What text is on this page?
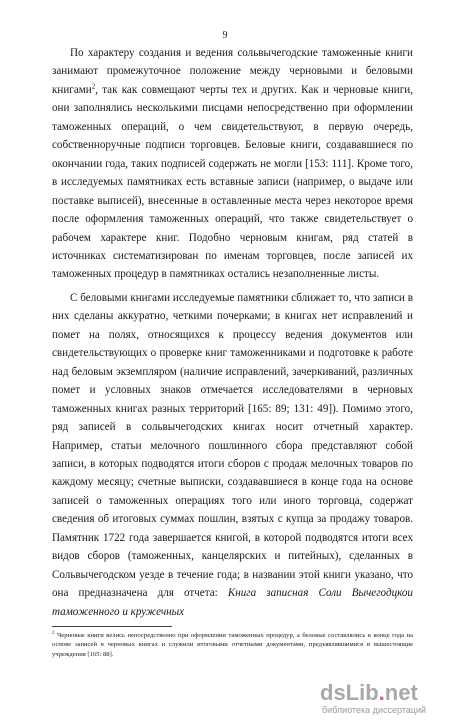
9

По характеру создания и ведения сольвычегодские таможенные книги занимают промежуточное положение между черновыми и беловыми книгами$^2$, так как совмещают черты тех и других. Как и черновые книги, они заполнялись несколькими писцами непосредственно при оформлении таможенных операций, о чем свидетельствуют, в первую очередь, собственноручные подписи торговцев. Беловые книги, создававшиеся по окончании года, таких подписей содержать не могли [153: 111]. Кроме того, в исследуемых памятниках есть вставные записи (например, о выдаче или поставке выписей), внесенные в оставленные места через некоторое время после оформления таможенных операций, что также свидетельствует о рабочем характере книг. Подобно черновым книгам, ряд статей в источниках систематизирован по именам торговцев, после записей их таможенных процедур в памятниках остались незаполненные листы.

С беловыми книгами исследуемые памятники сближает то, что записи в них сделаны аккуратно, четкими почерками; в книгах нет исправлений и помет на полях, относящихся к процессу ведения документов или свидетельствующих о проверке книг таможенниками и подготовке к работе над беловым экземпляром (наличие исправлений, зачеркиваний, различных помет и условных знаков отмечается исследователями в черновых таможенных книгах разных территорий [165: 89; 131: 49]). Помимо этого, ряд записей в сольвычегодских книгах носит отчетный характер. Например, статьи мелочного пошлинного сбора представляют собой записи, в которых подводятся итоги сборов с продаж мелочных товаров по каждому месяцу; счетные выписки, создававшиеся в конце года на основе записей о таможенных операциях того или иного торговца, содержат сведения об итоговых суммах пошлин, взятых с купца за продажу товаров. Памятник 1722 года завершается книгой, в которой подводятся итоги всех видов сборов (таможенных, канцелярских и питейных), сделанных в Сольвычегодском уезде в течение года; в названии этой книги указано, что она предназначена для отчета: Книга записная Соли Вычегодцкои таможенного и кружечных

$^2$ Черновые книги велись непосредственно при оформлении таможенных процедур, а беловые составлялись в конце года на основе записей в черновых книгах и служили итоговыми отчетными документами, предъявлявшимися в вышестоящие учреждения [165: 88].
dsLib.net
библиотека диссертаций
